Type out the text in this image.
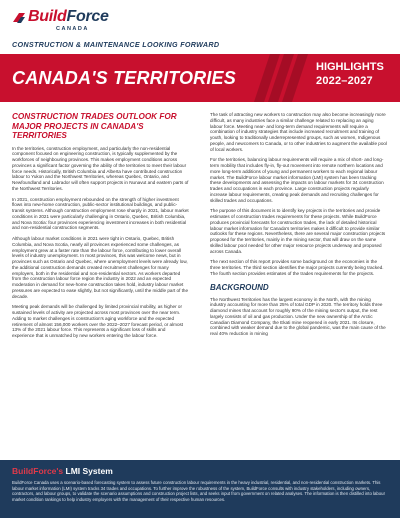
BuildForce
CANADA
CONSTRUCTION & MAINTENANCE LOOKING FORWARD
CANADA'S TERRITORIES
HIGHLIGHTS
2022–2027
CONSTRUCTION TRADES OUTLOOK FOR MAJOR PROJECTS IN CANADA'S TERRITORIES

In the territories, construction employment, and particularly the non-residential component focused on engineering construction, is typically supplemented by the workforces of neighbouring provinces. This makes employment conditions across provinces a significant factor governing the ability of the territories to meet their labour force needs. Historically, British Columbia and Alberta have contributed construction labour to Yukon and the Northwest Territories, whereas Quebec, Ontario, and Newfoundland and Labrador will often support projects in Nunavut and eastern parts of the Northwest Territories.

In 2021, construction employment rebounded on the strength of higher investment flows into new-home construction, public-sector institutional buildings, and public-transit systems. Although construction employment rose sharply in 2021, labour market conditions in 2021 were particularly challenging in Ontario, Quebec, British Columbia, and Nova Scotia: four provinces experiencing investment increases in both residential and non-residential construction segments.

Although labour market conditions in 2021 were tight in Ontario, Quebec, British Columbia, and Nova Scotia, nearly all provinces experienced some challenges, as employment grew at a faster rate than the labour force, contributing to lower overall levels of industry unemployment. In most provinces, this was welcome news, but in provinces such as Ontario and Quebec, where unemployment levels were already low, the additional construction demands created recruitment challenges for many employers, both in the residential and non-residential sectors. As workers departed from the construction labour force region the industry in 2022 and an expected moderation in demand for new-home construction takes hold, industry labour market pressures are expected to ease slightly, but not significantly, until the middle part of the decade.

Meeting peak demands will be challenged by limited provincial mobility, as higher or sustained levels of activity are projected across most provinces over the near term. Adding to market challenges is construction's aging workforce and the expected retirement of almost 156,000 workers over the 2022–2027 forecast period, or almost 13% of the 2021 labour force. This represents a significant loss of skills and experience that is unmatched by new workers entering the labour force.

The task of attracting new workers to construction may also become increasingly more difficult, as many industries face a similar challenge related to replacing an aging labour force. Meeting near- and long-term demand requirements will require a combination of industry strategies that include increased recruitment and training of youth, looking to traditionally underrepresented groups, such as women, Indigenous people, and newcomers to Canada, or to other industries to augment the available pool of local workers.

For the territories, balancing labour requirements will require a mix of short- and long-term mobility that includes fly-in, fly-out movement into remote northern locations and more long-term additions of young and permanent workers to each regional labour market. The BuildForce labour market information (LMI) system has been tracking these developments and assessing the impacts on labour markets for 34 construction trades and occupations in each province. Large construction projects regularly increase labour requirements, creating peak demands and recruiting challenges for skilled trades and occupations.

The purpose of this document is to identify key projects in the territories and provide estimates of construction trades requirements for these projects. While BuildForce produces provincial forecasts for construction trades, the lack of detailed historical labour market information for Canada's territories makes it difficult to provide similar outlooks for these regions. Nevertheless, there are several major construction projects proposed for the territories, mainly in the mining sector, that will draw on the same skilled labour pool needed for other major resource projects underway and proposed across Canada.

The next section of this report provides some background on the economies in the three territories. The third section identifies the major projects currently being tracked. The fourth section provides estimates of the trades requirements for the projects.

BACKGROUND

The Northwest Territories has the largest economy in the North, with the mining industry accounting for more than 25% of total GDP in 2020. The territory holds three diamond mines that account for roughly 90% of the mining sector's output, the rest largely consists of oil and gas production. Under the new ownership of the Arctic Canadian Diamond Company, the Ekati mine reopened in early 2021. Its closure, combined with weaker demand due to the global pandemic, was the main cause of the real 40% reduction in mining

BuildForce's LMI System
BuildForce Canada uses a scenario-based forecasting system to assess future construction labour requirements in the heavy industrial, residential, and non-residential construction markets. This labour market information (LMI) system tracks 34 trades and occupations. To further improve the robustness of the system, BuildForce consults with industry stakeholders, including owners, contractors, and labour groups, to validate the scenario assumptions and construction project lists, and seeks input from government on related analyses. The information is then distilled into labour market condition rankings to help industry employers with the management of their respective human resources.
